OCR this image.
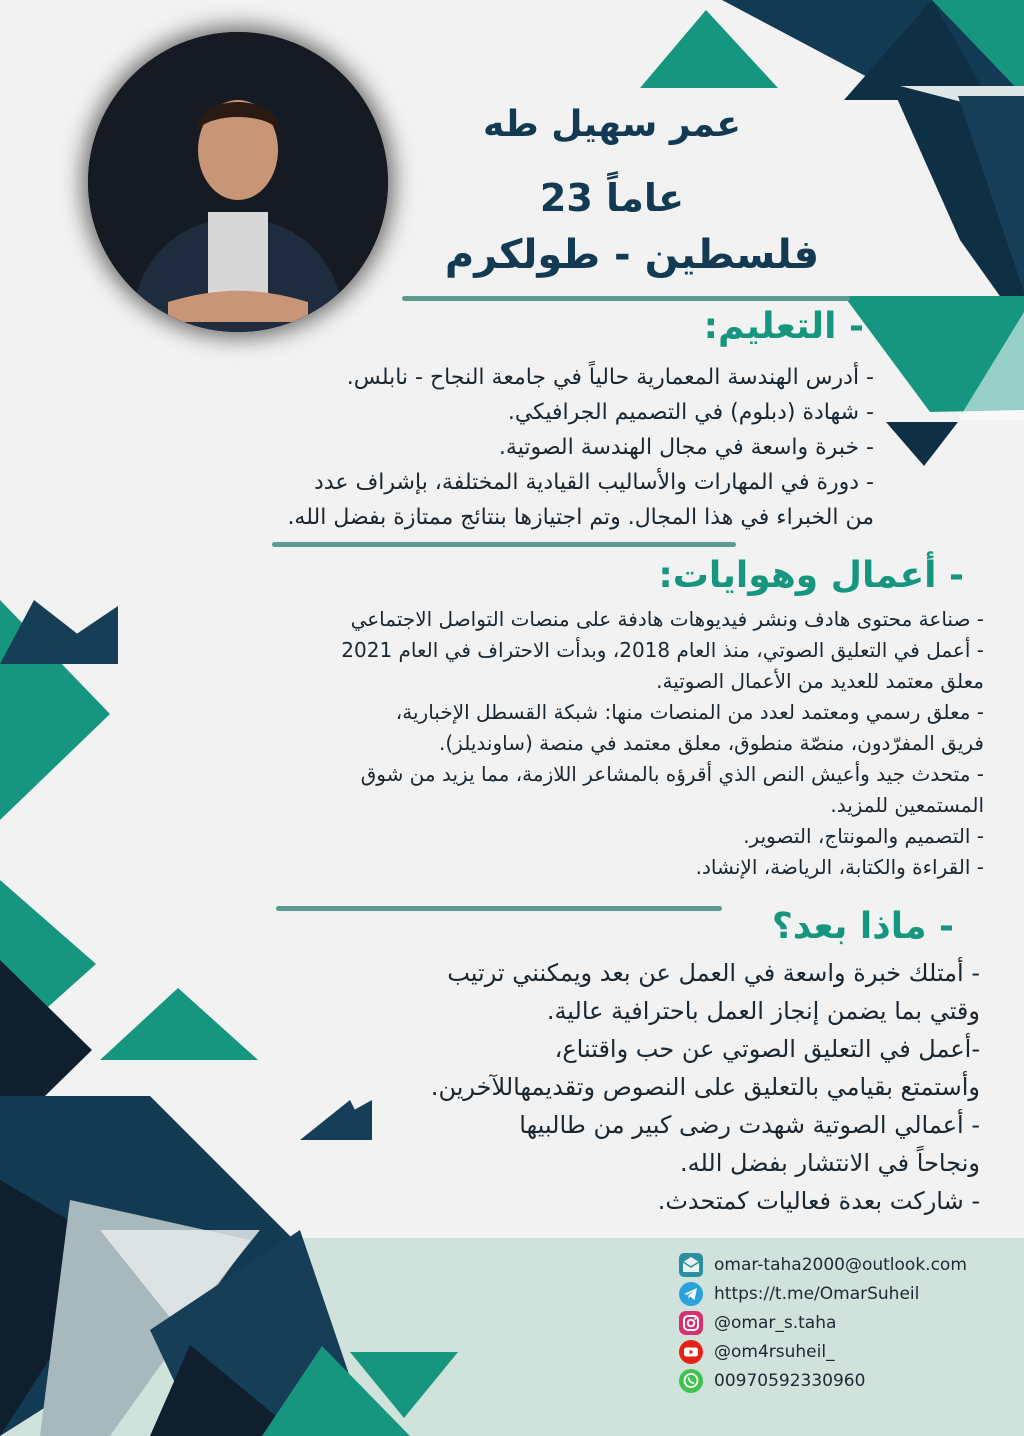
عمر سهيل طه
23 عاماً
فلسطين - طولكرم
- التعليم:
- أدرس الهندسة المعمارية حالياً في جامعة النجاح - نابلس.
- شهادة (دبلوم) في التصميم الجرافيكي.
- خبرة واسعة في مجال الهندسة الصوتية.
- دورة في المهارات والأساليب القيادية المختلفة، بإشراف عدد
من الخبراء في هذا المجال. وتم اجتيازها بنتائج ممتازة بفضل الله.
- أعمال وهوايات:
- صناعة محتوى هادف ونشر فيديوهات هادفة على منصات التواصل الاجتماعي
- أعمل في التعليق الصوتي، منذ العام 2018، وبدأت الاحتراف في العام 2021
معلق معتمد للعديد من الأعمال الصوتية.
- معلق رسمي ومعتمد لعدد من المنصات منها: شبكة القسطل الإخبارية،
فريق المفرّدون، منصّة منطوق، معلق معتمد في منصة (ساونديلز).
- متحدث جيد وأعيش النص الذي أقرؤه بالمشاعر اللازمة، مما يزيد من شوق
المستمعين للمزيد.
- التصميم والمونتاج، التصوير.
- القراءة والكتابة، الرياضة، الإنشاد.
- ماذا بعد؟
- أمتلك خبرة واسعة في العمل عن بعد ويمكنني ترتيب
وقتي بما يضمن إنجاز العمل باحترافية عالية.
-أعمل في التعليق الصوتي عن حب واقتناع،
وأستمتع بقيامي بالتعليق على النصوص وتقديمهاللآخرين.
- أعمالي الصوتية شهدت رضى كبير من طالبيها
ونجاحاً في الانتشار بفضل الله.
- شاركت بعدة فعاليات كمتحدث.
omar-taha2000@outlook.com
https://t.me/OmarSuheil
@omar_s.taha
@om4rsuheil_
00970592330960
